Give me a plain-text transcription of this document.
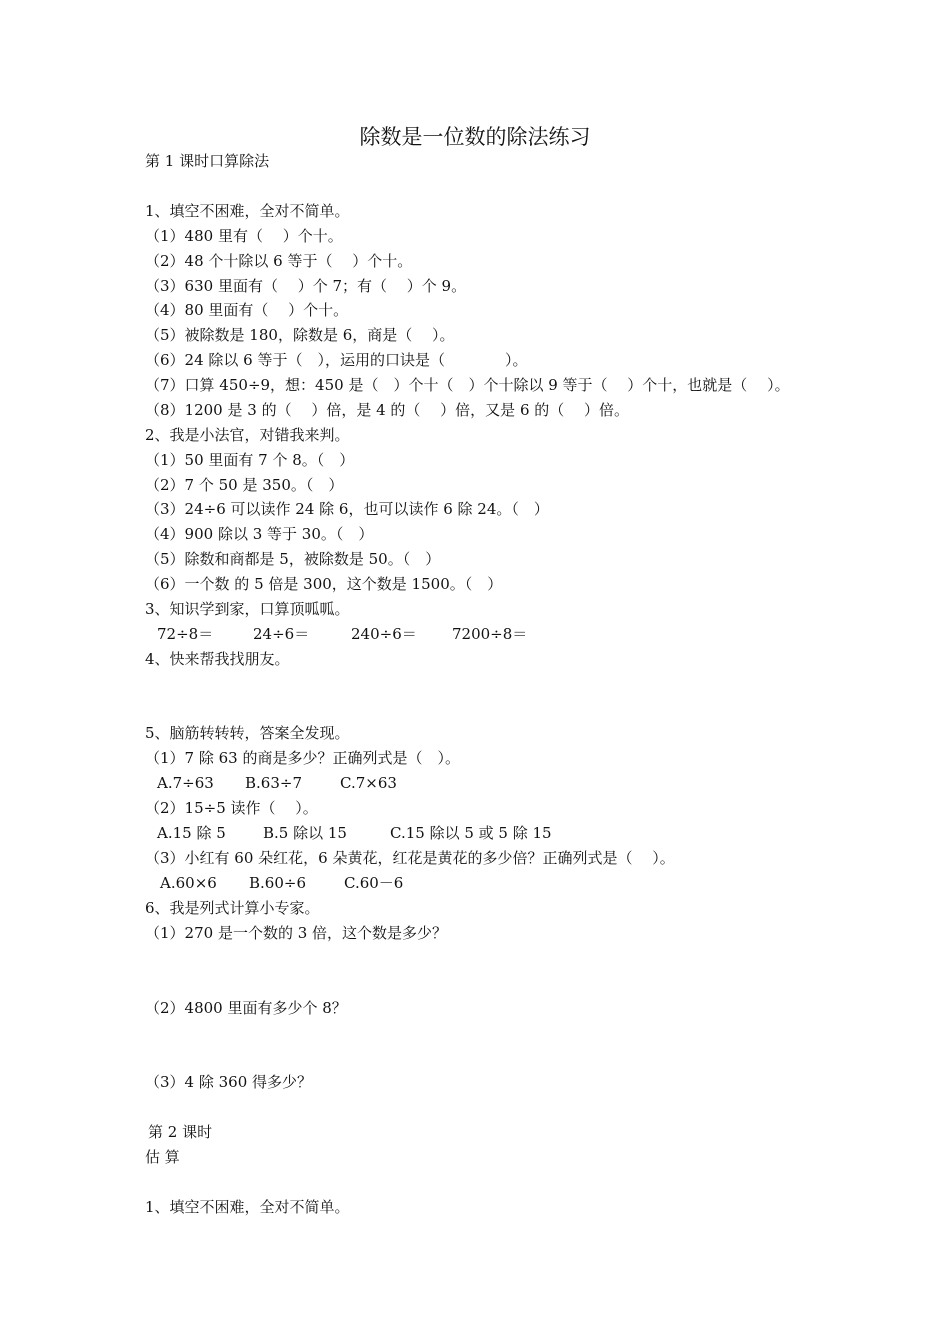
除数是一位数的除法练习
第 1 课时口算除法
1、填空不困难，全对不简单。
（1）480 里有（　 ）个十。
（2）48 个十除以 6 等于（　 ）个十。
（3）630 里面有（　 ）个 7；有（　 ）个 9。
（4）80 里面有（　 ）个十。
（5）被除数是 180，除数是 6，商是（　 ）。
（6）24 除以 6 等于（　），运用的口诀是（　　　　）。
（7）口算 450÷9，想：450 是（　）个十（　）个十除以 9 等于（　 ）个十，也就是（　 ）。
（8）1200 是 3 的（　 ）倍，是 4 的（　 ）倍，又是 6 的（　 ）倍。
2、我是小法官，对错我来判。
（1）50 里面有 7 个 8。（　）
（2）7 个 50 是 350。（　）
（3）24÷6 可以读作 24 除 6，也可以读作 6 除 24。（　）
（4）900 除以 3 等于 30。（　）
（5）除数和商都是 5，被除数是 50。（　）
（6）一个数 的 5 倍是 300，这个数是 1500。（　）
3、知识学到家，口算顶呱呱。
72÷8＝	24÷6＝	240÷6＝ 7200÷8＝
4、快来帮我找朋友。
5、脑筋转转转，答案全发现。
（1）7 除 63 的商是多少？正确列式是（　）。
A.7÷63 B.63÷7	C.7×63
（2）15÷5 读作（　 ）。
A.15 除 5 B.5 除以 15	C.15 除以 5 或 5 除 15
（3）小红有 60 朵红花，6 朵黄花，红花是黄花的多少倍？正确列式是（　 ）。
A.60×6 B.60÷6	C.60－6
6、我是列式计算小专家。
（1）270 是一个数的 3 倍，这个数是多少？
（2）4800 里面有多少个 8？
（3）4 除 360 得多少？
第 2 课时
估 算
1、填空不困难，全对不简单。
